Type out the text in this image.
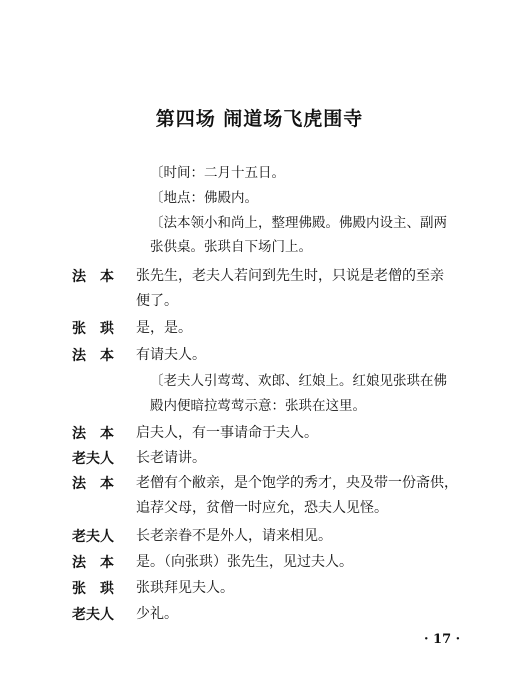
第四场 闹道场飞虎围寺
〔时间：二月十五日。
〔地点：佛殿内。
〔法本领小和尚上，整理佛殿。佛殿内设主、副两
张供桌。张珙自下场门上。
法　本 张先生，老夫人若问到先生时，只说是老僧的至亲
便了。
张　珙 是，是。
法　本 有请夫人。
〔老夫人引莺莺、欢郎、红娘上。红娘见张珙在佛
殿内便暗拉莺莺示意：张珙在这里。
法　本 启夫人，有一事请命于夫人。
老夫人 长老请讲。
法　本 老僧有个敝亲，是个饱学的秀才，央及带一份斋供，
追荐父母，贫僧一时应允，恐夫人见怪。
老夫人 长老亲眷不是外人，请来相见。
法　本 是。（向张珙）张先生，见过夫人。
张　珙 张珙拜见夫人。
老夫人 少礼。
· 17 ·
